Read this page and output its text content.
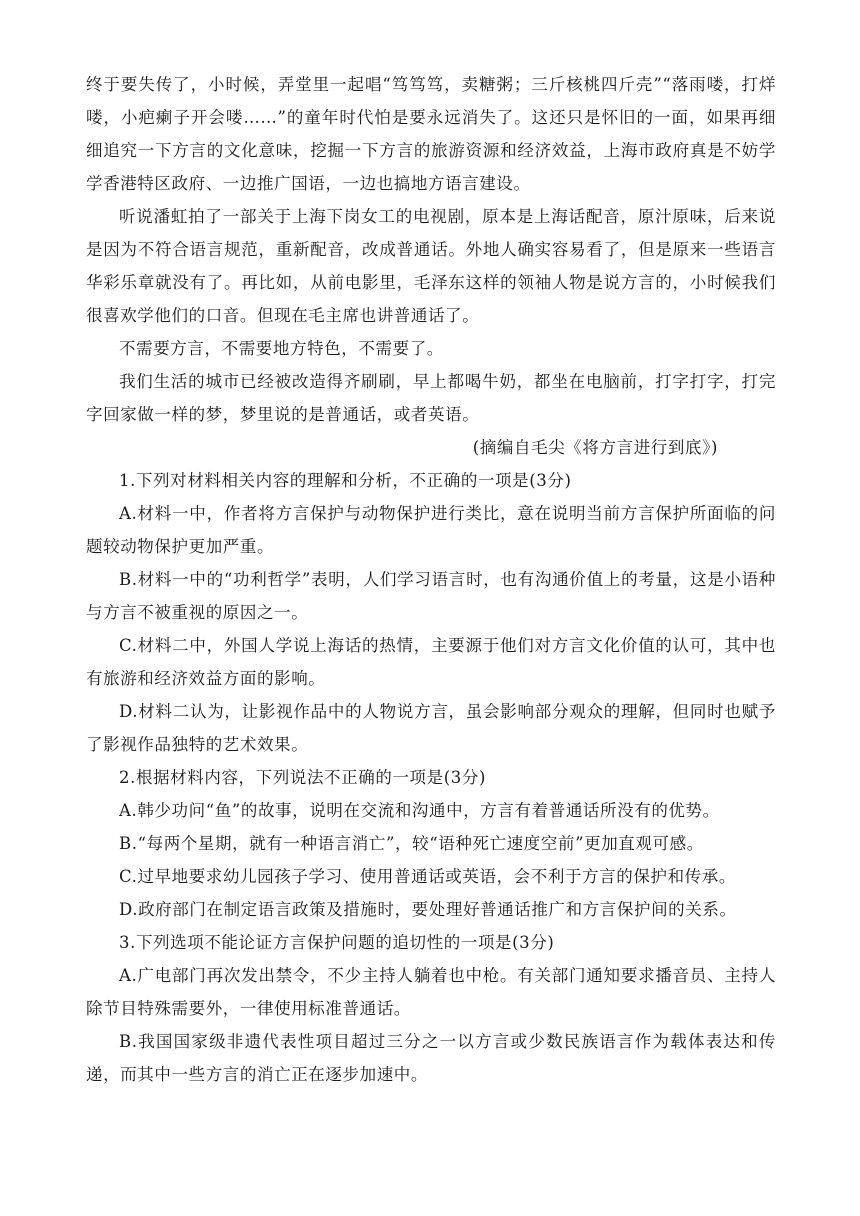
终于要失传了，小时候，弄堂里一起唱“笃笃笃，卖糖粥；三斤核桃四斤壳”“落雨喽，打烊喽，小疤瘌子开会喽……”的童年时代怕是要永远消失了。这还只是怀旧的一面，如果再细细追究一下方言的文化意味，挖掘一下方言的旅游资源和经济效益，上海市政府真是不妨学学香港特区政府、一边推广国语，一边也搞地方语言建设。

听说潘虹拍了一部关于上海下岗女工的电视剧，原本是上海话配音，原汁原味，后来说是因为不符合语言规范，重新配音，改成普通话。外地人确实容易看了，但是原来一些语言华彩乐章就没有了。再比如，从前电影里，毛泽东这样的领袖人物是说方言的，小时候我们很喜欢学他们的口音。但现在毛主席也讲普通话了。

不需要方言，不需要地方特色，不需要了。

我们生活的城市已经被改造得齐刷刷，早上都喝牛奶，都坐在电脑前，打字打字，打完字回家做一样的梦，梦里说的是普通话，或者英语。

(摘编自毛尖《将方言进行到底》)

1.下列对材料相关内容的理解和分析，不正确的一项是(3分)

A.材料一中，作者将方言保护与动物保护进行类比，意在说明当前方言保护所面临的问题较动物保护更加严重。

B.材料一中的“功利哲学”表明，人们学习语言时，也有沟通价值上的考量，这是小语种与方言不被重视的原因之一。

C.材料二中，外国人学说上海话的热情，主要源于他们对方言文化价值的认可，其中也有旅游和经济效益方面的影响。

D.材料二认为，让影视作品中的人物说方言，虽会影响部分观众的理解，但同时也赋予了影视作品独特的艺术效果。

2.根据材料内容，下列说法不正确的一项是(3分)

A.韩少功问“鱼”的故事，说明在交流和沟通中，方言有着普通话所没有的优势。

B.“每两个星期，就有一种语言消亡”，较“语种死亡速度空前”更加直观可感。

C.过早地要求幼儿园孩子学习、使用普通话或英语，会不利于方言的保护和传承。

D.政府部门在制定语言政策及措施时，要处理好普通话推广和方言保护间的关系。

3.下列选项不能论证方言保护问题的追切性的一项是(3分)

A.广电部门再次发出禁令，不少主持人躺着也中枪。有关部门通知要求播音员、主持人除节目特殊需要外，一律使用标准普通话。

B.我国国家级非遗代表性项目超过三分之一以方言或少数民族语言作为载体表达和传递，而其中一些方言的消亡正在逐步加速中。
